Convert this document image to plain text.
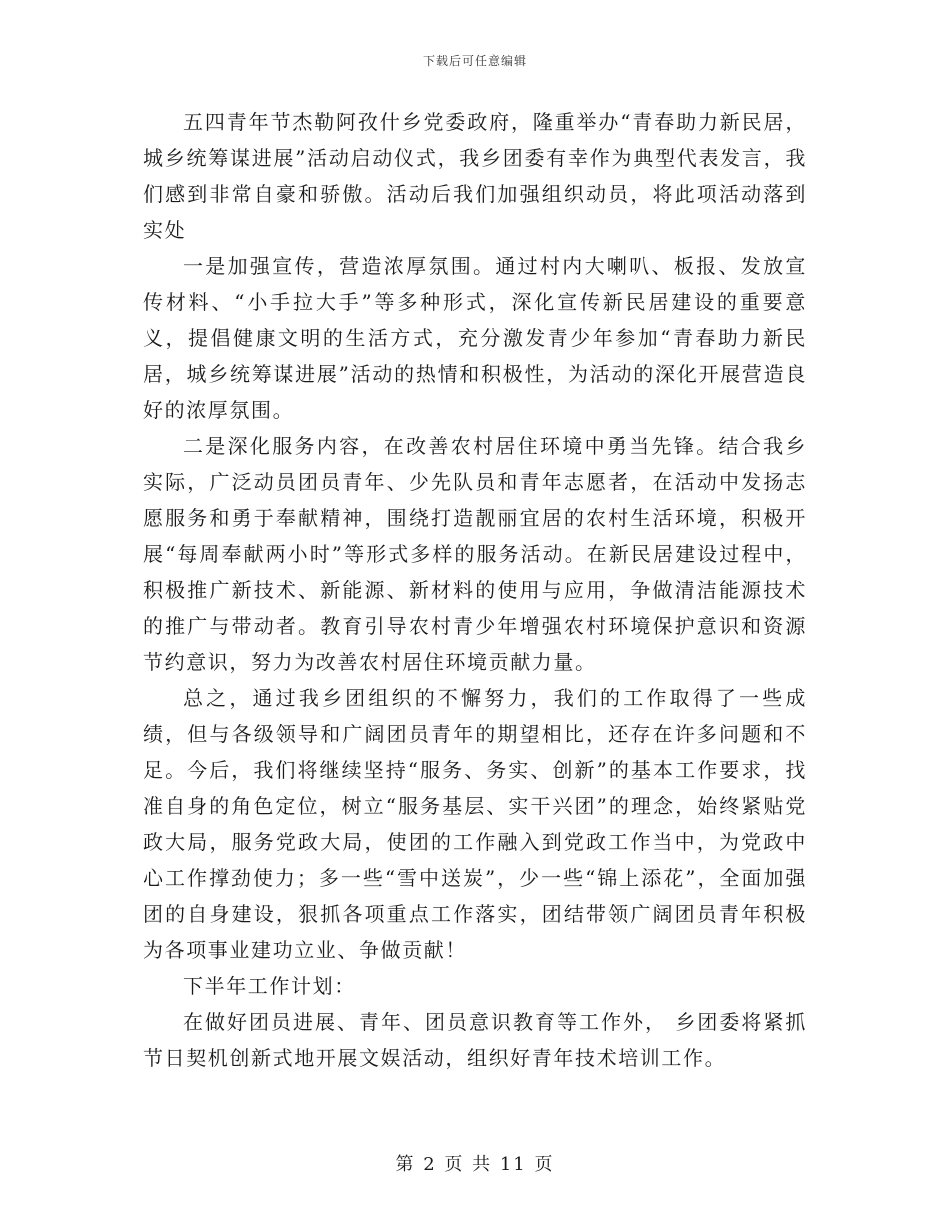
下载后可任意编辑

五四青年节杰勒阿孜什乡党委政府，隆重举办“青春助力新民居，城乡统筹谋进展”活动启动仪式，我乡团委有幸作为典型代表发言，我们感到非常自豪和骄傲。活动后我们加强组织动员，将此项活动落到实处

一是加强宣传，营造浓厚氛围。通过村内大喇叭、板报、发放宣传材料、“小手拉大手”等多种形式，深化宣传新民居建设的重要意义，提倡健康文明的生活方式，充分激发青少年参加“青春助力新民居，城乡统筹谋进展”活动的热情和积极性，为活动的深化开展营造良好的浓厚氛围。

二是深化服务内容，在改善农村居住环境中勇当先锋。结合我乡实际，广泛动员团员青年、少先队员和青年志愿者，在活动中发扬志愿服务和勇于奉献精神，围绕打造靓丽宜居的农村生活环境，积极开展“每周奉献两小时”等形式多样的服务活动。在新民居建设过程中，积极推广新技术、新能源、新材料的使用与应用，争做清洁能源技术的推广与带动者。教育引导农村青少年增强农村环境保护意识和资源节约意识，努力为改善农村居住环境贡献力量。

总之，通过我乡团组织的不懈努力，我们的工作取得了一些成绩，但与各级领导和广阔团员青年的期望相比，还存在许多问题和不足。今后，我们将继续坚持“服务、务实、创新”的基本工作要求，找准自身的角色定位，树立“服务基层、实干兴团”的理念，始终紧贴党政大局，服务党政大局，使团的工作融入到党政工作当中，为党政中心工作撑劲使力；多一些“雪中送炭”，少一些“锦上添花”，全面加强团的自身建设，狠抓各项重点工作落实，团结带领广阔团员青年积极为各项事业建功立业、争做贡献！

下半年工作计划：

在做好团员进展、青年、团员意识教育等工作外， 乡团委将紧抓节日契机创新式地开展文娱活动，组织好青年技术培训工作。

第 2 页 共 11 页
